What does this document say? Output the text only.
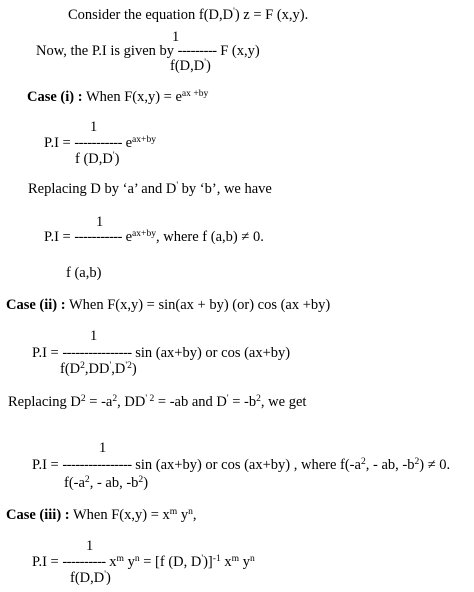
Consider the equation f(D,D') z = F (x,y).
1
Now, the P.I is given by --------- F (x,y)
f(D,D')
Case (i) : When $F(x,y) = e^{ax +by}$
1
P.I = ----------- $e^{ax+by}$
f (D,D')
Replacing D by ‘a’ and D' by ‘b’, we have
1
P.I = ----------- $e^{ax+by}$, where f (a,b) ≠ 0.
f (a,b)
Case (ii) : When F(x,y) = sin(ax + by) (or) cos (ax +by)
1
P.I = ---------------- sin (ax+by) or cos (ax+by)
$f(D^2,DD',D^{'2})$
Replacing $D^2 = -a^2$, $DD^{' 2} = -ab$ and $D' = -b^2$, we get
1
P.I = ---------------- sin (ax+by) or cos (ax+by) , where $f(-a^2$, - ab, $-b^2) \ne 0$.
$f(-a^2$, - ab, $-b^2$)
Case (iii) : When $F(x,y) = x^m$ $y^n$,
1
P.I = ---------- $x^m$ $y^n = [f$ (D, D')]$^{-1}$ $x^m$ $y^n$
f(D,D')
